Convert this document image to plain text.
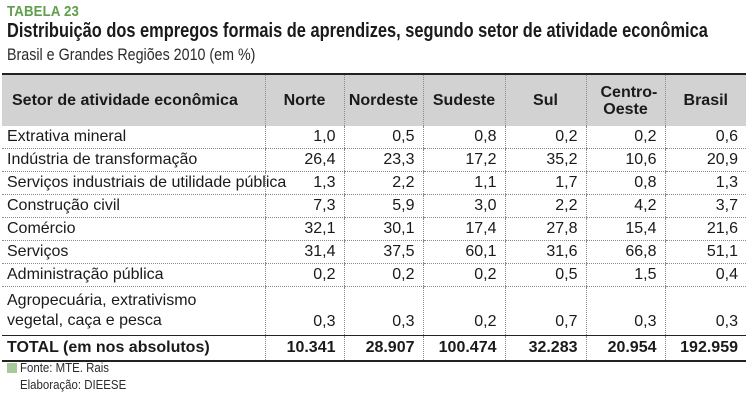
TABELA 23
Distribuição dos empregos formais de aprendizes, segundo setor de atividade econômica
Brasil e Grandes Regiões 2010 (em %)
Setor de atividade econômica	Norte	Nordeste	Sudeste	Sul	Centro-Oeste	Brasil
Extrativa mineral	1,0	0,5	0,8	0,2	0,2	0,6
Indústria de transformação	26,4	23,3	17,2	35,2	10,6	20,9
Serviços industriais de utilidade pública	1,3	2,2	1,1	1,7	0,8	1,3
Construção civil	7,3	5,9	3,0	2,2	4,2	3,7
Comércio	32,1	30,1	17,4	27,8	15,4	21,6
Serviços	31,4	37,5	60,1	31,6	66,8	51,1
Administração pública	0,2	0,2	0,2	0,5	1,5	0,4
Agropecuária, extrativismo vegetal, caça e pesca	0,3	0,3	0,2	0,7	0,3	0,3
TOTAL (em nos absolutos)	10.341	28.907	100.474	32.283	20.954	192.959
Fonte: MTE. Rais
Elaboração: DIEESE
